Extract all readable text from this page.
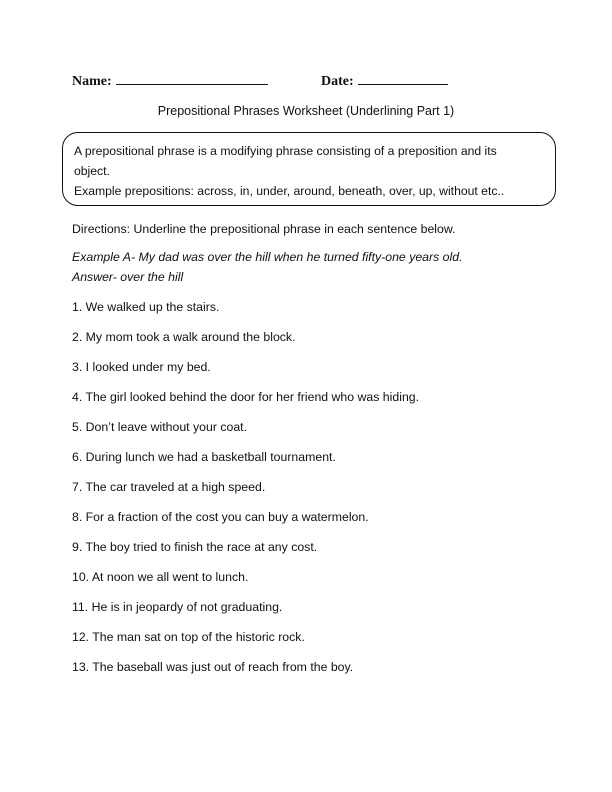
Name:	Date:
Prepositional Phrases Worksheet (Underlining Part 1)

A prepositional phrase is a modifying phrase consisting of a preposition and its

object.

Example prepositions: across, in, under, around, beneath, over, up, without etc..

Directions: Underline the prepositional phrase in each sentence below.
Example A- My dad was over the hill when he turned fifty-one years old.
Answer- over the hill
1. We walked up the stairs.
2. My mom took a walk around the block.
3. I looked under my bed.
4. The girl looked behind the door for her friend who was hiding.
5. Don’t leave without your coat.
6. During lunch we had a basketball tournament.
7. The car traveled at a high speed.
8. For a fraction of the cost you can buy a watermelon.
9. The boy tried to finish the race at any cost.
10. At noon we all went to lunch.
11. He is in jeopardy of not graduating.
12. The man sat on top of the historic rock.
13. The baseball was just out of reach from the boy.
